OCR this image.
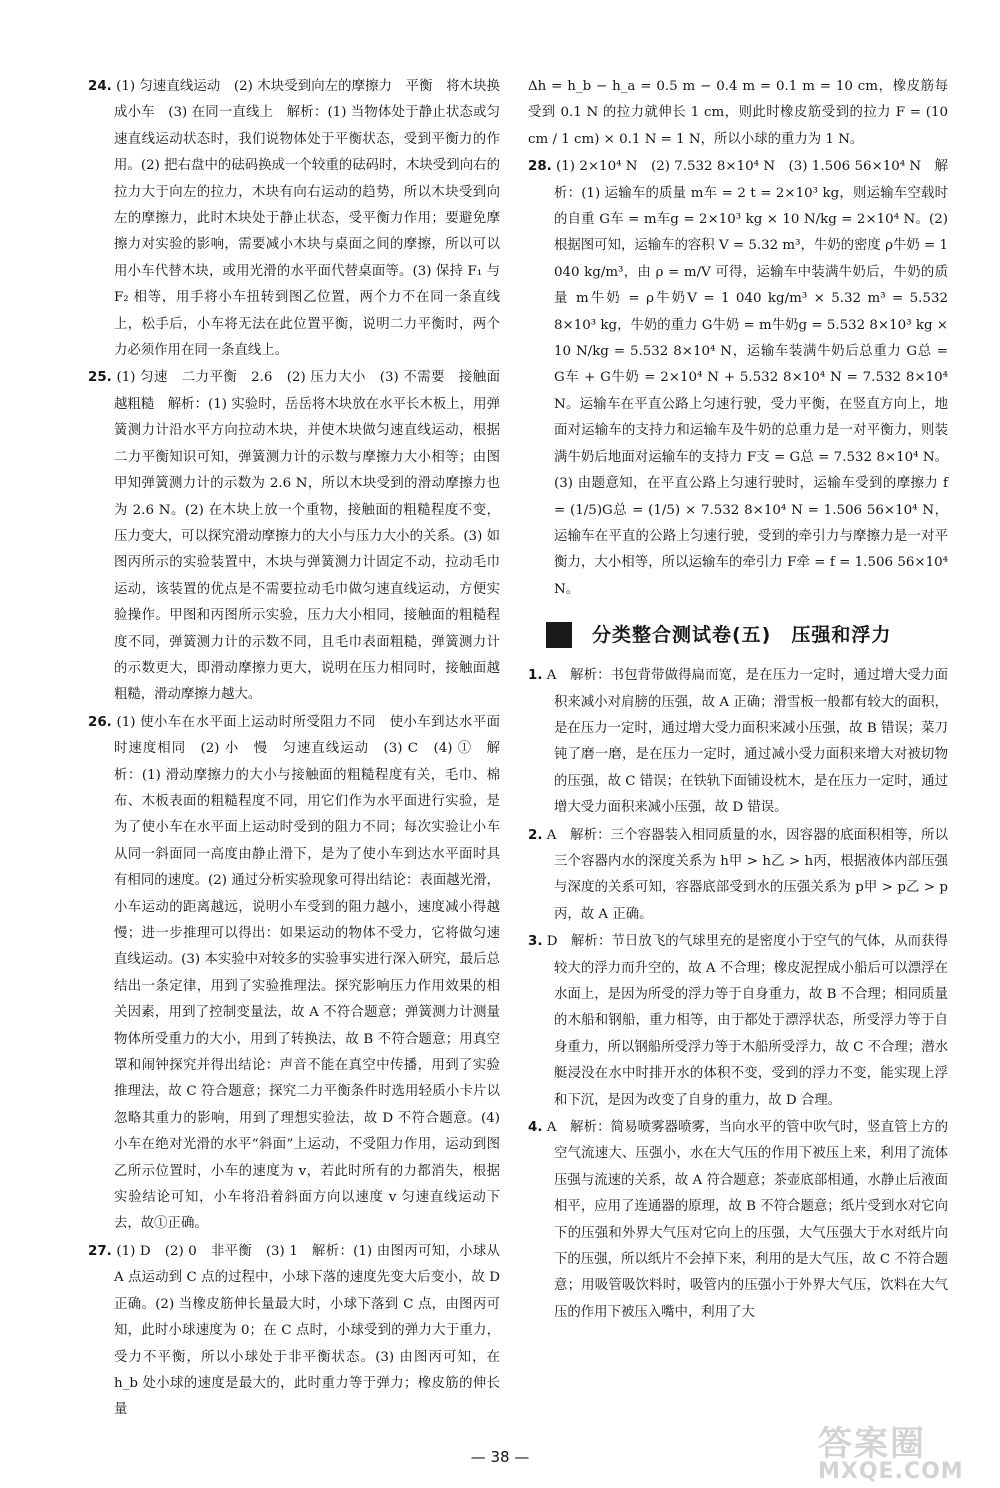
24. (1) 匀速直线运动　(2) 木块受到向左的摩擦力　平衡　将木块换成小车　(3) 在同一直线上　解析：(1) 当物体处于静止状态或匀速直线运动状态时，我们说物体处于平衡状态，受到平衡力的作用。(2) 把右盘中的砝码换成一个较重的砝码时，木块受到向右的拉力大于向左的拉力，木块有向右运动的趋势，所以木块受到向左的摩擦力，此时木块处于静止状态，受平衡力作用；要避免摩擦力对实验的影响，需要减小木块与桌面之间的摩擦，所以可以用小车代替木块，或用光滑的水平面代替桌面等。(3) 保持 F₁ 与 F₂ 相等，用手将小车扭转到图乙位置，两个力不在同一条直线上，松手后，小车将无法在此位置平衡，说明二力平衡时，两个力必须作用在同一条直线上。
25. (1) 匀速　二力平衡　2.6　(2) 压力大小　(3) 不需要　接触面越粗糙　解析：(1) 实验时，岳岳将木块放在水平长木板上，用弹簧测力计沿水平方向拉动木块，并使木块做匀速直线运动，根据二力平衡知识可知，弹簧测力计的示数与摩擦力大小相等；由图甲知弹簧测力计的示数为 2.6 N，所以木块受到的滑动摩擦力也为 2.6 N。(2) 在木块上放一个重物，接触面的粗糙程度不变，压力变大，可以探究滑动摩擦力的大小与压力大小的关系。(3) 如图丙所示的实验装置中，木块与弹簧测力计固定不动，拉动毛巾运动，该装置的优点是不需要拉动毛巾做匀速直线运动，方便实验操作。甲图和丙图所示实验，压力大小相同，接触面的粗糙程度不同，弹簧测力计的示数不同，且毛巾表面粗糙，弹簧测力计的示数更大，即滑动摩擦力更大，说明在压力相同时，接触面越粗糙，滑动摩擦力越大。
26. (1) 使小车在水平面上运动时所受阻力不同　使小车到达水平面时速度相同　(2) 小　慢　匀速直线运动　(3) C　(4) ①　解析：(1) 滑动摩擦力的大小与接触面的粗糙程度有关，毛巾、棉布、木板表面的粗糙程度不同，用它们作为水平面进行实验，是为了使小车在水平面上运动时受到的阻力不同；每次实验让小车从同一斜面同一高度由静止滑下，是为了使小车到达水平面时具有相同的速度。(2) 通过分析实验现象可得出结论：表面越光滑，小车运动的距离越远，说明小车受到的阻力越小，速度减小得越慢；进一步推理可以得出：如果运动的物体不受力，它将做匀速直线运动。(3) 本实验中对较多的实验事实进行深入研究，最后总结出一条定律，用到了实验推理法。探究影响压力作用效果的相关因素，用到了控制变量法，故 A 不符合题意；弹簧测力计测量物体所受重力的大小，用到了转换法，故 B 不符合题意；用真空罩和闹钟探究并得出结论：声音不能在真空中传播，用到了实验推理法，故 C 符合题意；探究二力平衡条件时选用轻质小卡片以忽略其重力的影响，用到了理想实验法，故 D 不符合题意。(4) 小车在绝对光滑的水平“斜面”上运动，不受阻力作用，运动到图乙所示位置时，小车的速度为 v，若此时所有的力都消失，根据实验结论可知，小车将沿着斜面方向以速度 v 匀速直线运动下去，故①正确。
27. (1) D　(2) 0　非平衡　(3) 1　解析：(1) 由图丙可知，小球从 A 点运动到 C 点的过程中，小球下落的速度先变大后变小，故 D 正确。(2) 当橡皮筋伸长量最大时，小球下落到 C 点，由图丙可知，此时小球速度为 0；在 C 点时，小球受到的弹力大于重力，受力不平衡，所以小球处于非平衡状态。(3) 由图丙可知，在 h_b 处小球的速度是最大的，此时重力等于弹力；橡皮筋的伸长量
Δh = h_b − h_a = 0.5 m − 0.4 m = 0.1 m = 10 cm，橡皮筋每受到 0.1 N 的拉力就伸长 1 cm，则此时橡皮筋受到的拉力 F = (10 cm / 1 cm) × 0.1 N = 1 N，所以小球的重力为 1 N。
28. (1) 2×10⁴ N　(2) 7.532 8×10⁴ N　(3) 1.506 56×10⁴ N　解析：(1) 运输车的质量 m车 = 2 t = 2×10³ kg，则运输车空载时的自重 G车 = m车g = 2×10³ kg × 10 N/kg = 2×10⁴ N。(2) 根据图可知，运输车的容积 V = 5.32 m³，牛奶的密度 ρ牛奶 = 1 040 kg/m³，由 ρ = m/V 可得，运输车中装满牛奶后，牛奶的质量 m牛奶 = ρ牛奶V = 1 040 kg/m³ × 5.32 m³ = 5.532 8×10³ kg，牛奶的重力 G牛奶 = m牛奶g = 5.532 8×10³ kg × 10 N/kg = 5.532 8×10⁴ N，运输车装满牛奶后总重力 G总 = G车 + G牛奶 = 2×10⁴ N + 5.532 8×10⁴ N = 7.532 8×10⁴ N。运输车在平直公路上匀速行驶，受力平衡，在竖直方向上，地面对运输车的支持力和运输车及牛奶的总重力是一对平衡力，则装满牛奶后地面对运输车的支持力 F支 = G总 = 7.532 8×10⁴ N。(3) 由题意知，在平直公路上匀速行驶时，运输车受到的摩擦力 f = (1/5)G总 = (1/5) × 7.532 8×10⁴ N = 1.506 56×10⁴ N，运输车在平直的公路上匀速行驶，受到的牵引力与摩擦力是一对平衡力，大小相等，所以运输车的牵引力 F牵 = f = 1.506 56×10⁴ N。
分类整合测试卷(五)　压强和浮力
1. A　解析：书包背带做得扁而宽，是在压力一定时，通过增大受力面积来减小对肩膀的压强，故 A 正确；滑雪板一般都有较大的面积，是在压力一定时，通过增大受力面积来减小压强，故 B 错误；菜刀钝了磨一磨，是在压力一定时，通过减小受力面积来增大对被切物的压强，故 C 错误；在铁轨下面铺设枕木，是在压力一定时，通过增大受力面积来减小压强，故 D 错误。
2. A　解析：三个容器装入相同质量的水，因容器的底面积相等，所以三个容器内水的深度关系为 h甲 > h乙 > h丙，根据液体内部压强与深度的关系可知，容器底部受到水的压强关系为 p甲 > p乙 > p丙，故 A 正确。
3. D　解析：节日放飞的气球里充的是密度小于空气的气体，从而获得较大的浮力而升空的，故 A 不合理；橡皮泥捏成小船后可以漂浮在水面上，是因为所受的浮力等于自身重力，故 B 不合理；相同质量的木船和钢船，重力相等，由于都处于漂浮状态，所受浮力等于自身重力，所以钢船所受浮力等于木船所受浮力，故 C 不合理；潜水艇浸没在水中时排开水的体积不变，受到的浮力不变，能实现上浮和下沉，是因为改变了自身的重力，故 D 合理。
4. A　解析：简易喷雾器喷雾，当向水平的管中吹气时，竖直管上方的空气流速大、压强小，水在大气压的作用下被压上来，利用了流体压强与流速的关系，故 A 符合题意；茶壶底部相通，水静止后液面相平，应用了连通器的原理，故 B 不符合题意；纸片受到水对它向下的压强和外界大气压对它向上的压强，大气压强大于水对纸片向下的压强，所以纸片不会掉下来，利用的是大气压，故 C 不符合题意；用吸管吸饮料时，吸管内的压强小于外界大气压，饮料在大气压的作用下被压入嘴中，利用了大
— 38 —	答案圈
MXQE.COM
